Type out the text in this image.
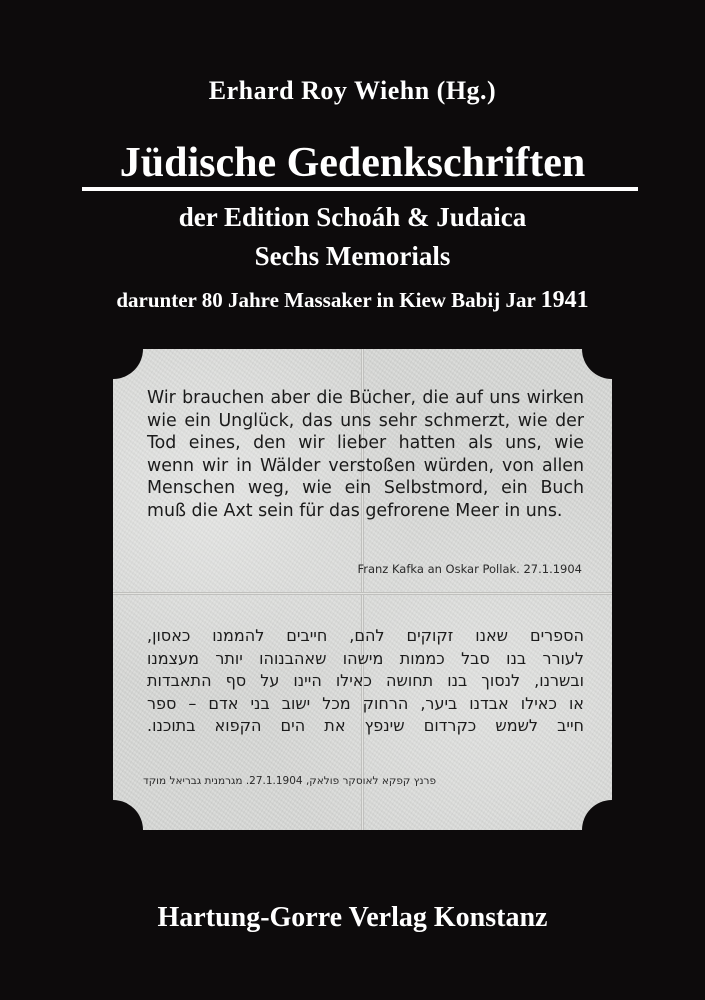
Erhard Roy Wiehn (Hg.)
Jüdische Gedenkschriften
der Edition Schoáh & Judaica
Sechs Memorials
darunter 80 Jahre Massaker in Kiew Babij Jar 1941
Wir brauchen aber die Bücher, die auf uns wirken
wie ein Unglück, das uns sehr schmerzt, wie der
Tod eines, den wir lieber hatten als uns, wie
wenn wir in Wälder verstoßen würden, von allen
Menschen weg, wie ein Selbstmord, ein Buch
muß die Axt sein für das gefrorene Meer in uns.
Franz Kafka an Oskar Pollak. 27.1.1904
הספרים שאנו זקוקים להם, חייבים להממנו כאסון,
לעורר בנו סבל כממות מישהו שאהבנוהו יותר מעצמנו
ובשרנו, לנסוך בנו תחושה כאילו היינו על סף התאבדות
או כאילו אבדנו ביער, הרחוק מכל ישוב בני אדם – ספר
חייב לשמש כקרדום שינפץ את הים הקפוא בתוכנו.
פרנץ קפקא לאוסקר פולאק, 27.1.1904. מגרמנית גבריאל מוקד
Hartung-Gorre Verlag Konstanz
